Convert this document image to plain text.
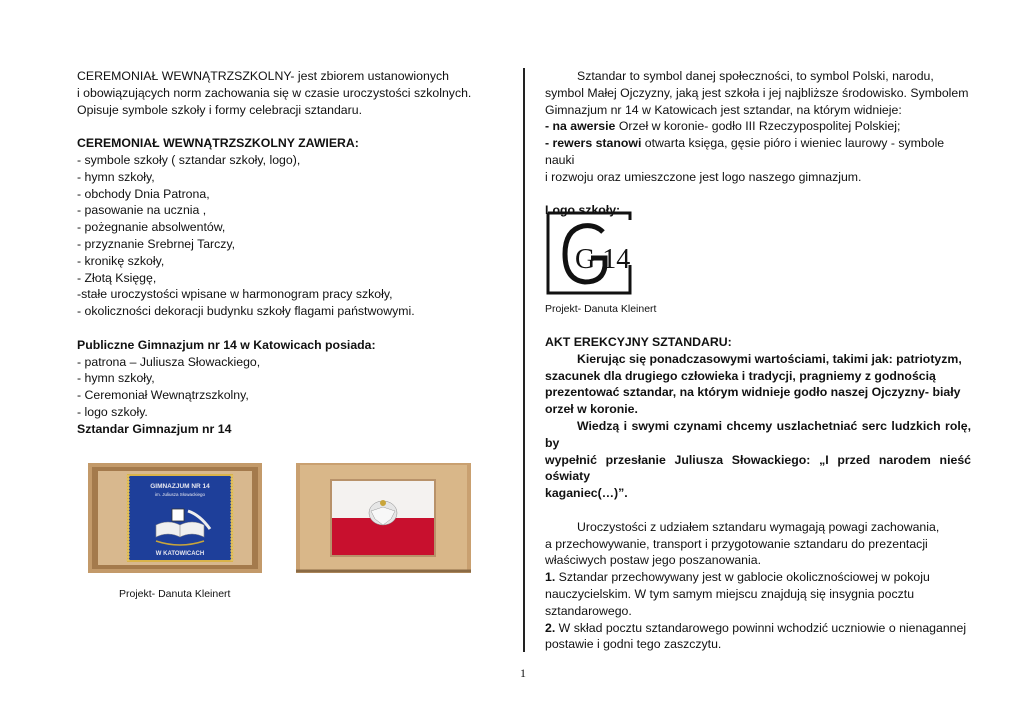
CEREMONIAŁ WEWNĄTRZSZKOLNY- jest zbiorem ustanowionych

i obowiązujących norm zachowania się w czasie uroczystości szkolnych.

Opisuje symbole szkoły i formy celebracji sztandaru.

CEREMONIAŁ WEWNĄTRZSZKOLNY ZAWIERA:

- symbole szkoły ( sztandar szkoły, logo),

- hymn szkoły,

- obchody Dnia Patrona,

- pasowanie na ucznia ,

- pożegnanie absolwentów,

- przyznanie Srebrnej Tarczy,

- kronikę szkoły,

- Złotą Księgę,

-stałe uroczystości wpisane w harmonogram pracy szkoły,

- okoliczności dekoracji budynku szkoły flagami państwowymi.

Publiczne Gimnazjum nr 14 w Katowicach posiada:

- patrona – Juliusza Słowackiego,

- hymn szkoły,

- Ceremoniał Wewnątrzszkolny,

- logo szkoły.

Sztandar Gimnazjum nr 14

GIMNAZJUM NR 14
im. Juliusza Słowackiego
W KATOWICACH
Projekt- Danuta Kleinert

Sztandar to symbol danej społeczności, to symbol Polski, narodu,

symbol Małej Ojczyzny, jaką jest szkoła i jej najbliższe środowisko. Symbolem

Gimnazjum nr 14 w Katowicach jest sztandar, na którym widnieje:

- na awersie Orzeł w koronie- godło III Rzeczypospolitej Polskiej;

- rewers stanowi otwarta księga, gęsie pióro i wieniec laurowy - symbole nauki

i rozwoju oraz umieszczone jest logo naszego gimnazjum.

Logo szkoły:

G 14
Projekt- Danuta Kleinert

AKT EREKCYJNY SZTANDARU:

Kierując się ponadczasowymi wartościami, takimi jak: patriotyzm,

szacunek dla drugiego człowieka i tradycji, pragniemy z godnością

prezentować sztandar, na którym widnieje godło naszej Ojczyzny- biały

orzeł w koronie.

Wiedzą i swymi czynami chcemy uszlachetniać serc ludzkich rolę, by

wypełnić przesłanie Juliusza Słowackiego: „I przed narodem nieść oświaty

kaganiec(…)”.

Uroczystości z udziałem sztandaru wymagają powagi zachowania,

a przechowywanie, transport i przygotowanie sztandaru do prezentacji

właściwych postaw jego poszanowania.

1. Sztandar przechowywany jest w gablocie okolicznościowej w pokoju

nauczycielskim. W tym samym miejscu znajdują się insygnia pocztu

sztandarowego.

2. W skład pocztu sztandarowego powinni wchodzić uczniowie o nienagannej

postawie i godni tego zaszczytu.

1
